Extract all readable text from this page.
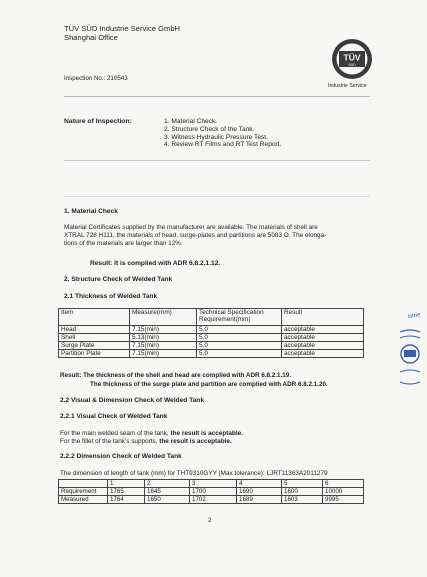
TÜV SÜD Industrie Service GmbH
Shanghai Office
Inspection No.: 210543
TÜV
SÜD
Industrie Service
Nature of Inspection:	1. Material Check.
2. Structure Check of the Tank.
3. Witness Hydraulic Pressure Test.
4. Review RT Films and RT Test Report.
1. Material Check
Material Certificates supplied by the manufacturer are available. The materials of shell are
XTRAL 728 H111, the materials of head, surge-plates and partitions are 5083 O. The elonga-
tions of the materials are larger than 12%.
Result: It is complied with ADR 6.8.2.1.12.
2. Structure Check of Welded Tank
2.1 Thickness of Welded Tank
Item	Measure(mm)	Technical Specification
Requirement(mm)	Result
Head	7.15(min)	5.0	acceptable
Shell	5.13(min)	5.0	acceptable
Surge Plate	7.15(min)	5.0	acceptable
Partition Plate	7.15(min)	5.0	acceptable
Result: The thickness of the shell and head are complied with ADR 6.8.2.1.19.
The thickness of the surge plate and partition are complied with ADR 6.8.2.1.20.
2.2 Visual & Dimension Check of Welded Tank
2.2.1 Visual Check of Welded Tank
For the main welded seam of the tank, the result is acceptable.
For the fillet of the tank's supports, the result is acceptable.
2.2.2 Dimension Check of Welded Tank
The dimension of length of tank (mm) for THT9310GYY (Max tolerance): LJRT11363A2011279
	1	2	3	4	5	6
Requirement	1765	1645	1700	1690	1600	10000
Measured	1764	1650	1702	1689	1603	9995
2
istrie
